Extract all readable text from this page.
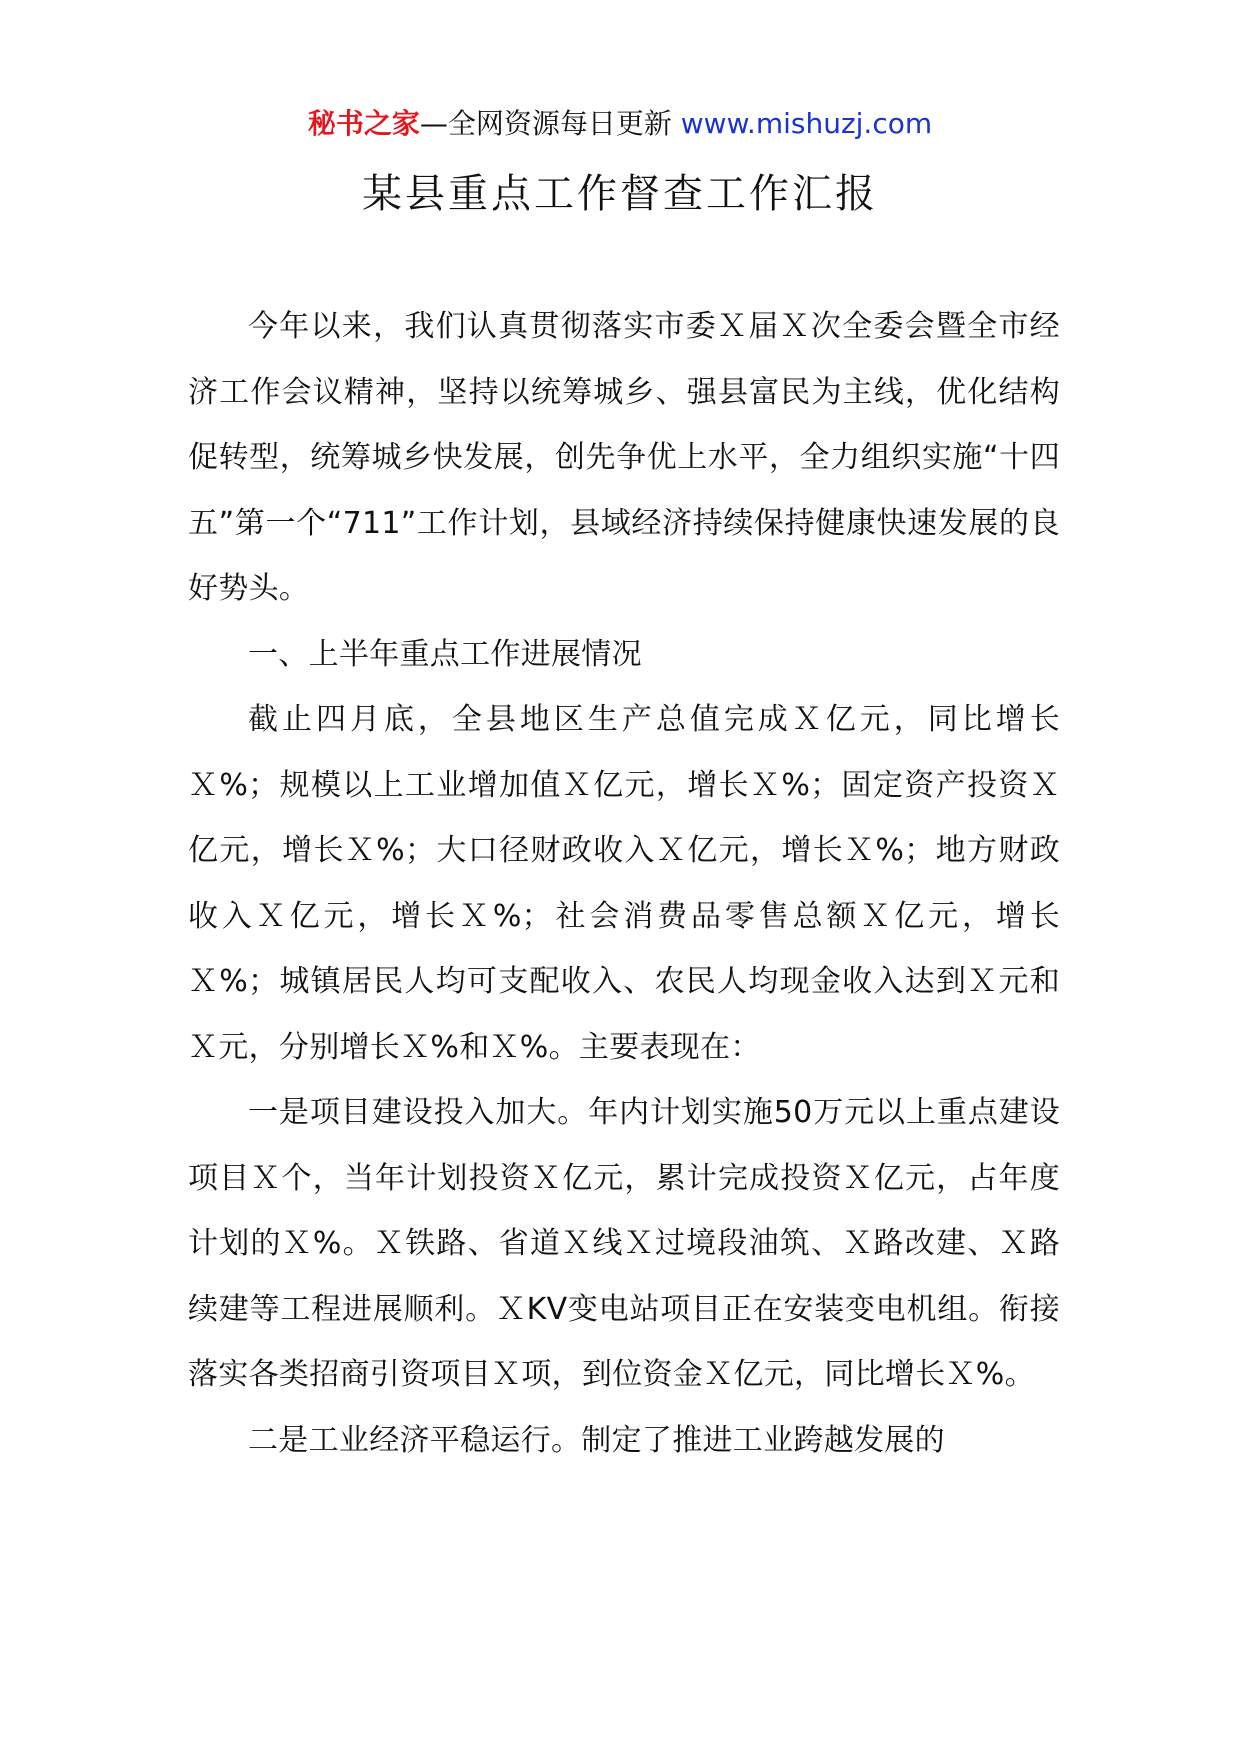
秘书之家—全网资源每日更新 www.mishuzj.com
某县重点工作督查工作汇报

今年以来，我们认真贯彻落实市委Ｘ届Ｘ次全委会暨全市经济工作会议精神，坚持以统筹城乡、强县富民为主线，优化结构促转型，统筹城乡快发展，创先争优上水平，全力组织实施“十四五”第一个“711”工作计划，县域经济持续保持健康快速发展的良好势头。

一、上半年重点工作进展情况

截止四月底，全县地区生产总值完成Ｘ亿元，同比增长Ｘ%；规模以上工业增加值Ｘ亿元，增长Ｘ%；固定资产投资Ｘ亿元，增长Ｘ%；大口径财政收入Ｘ亿元，增长Ｘ%；地方财政收入Ｘ亿元，增长Ｘ%；社会消费品零售总额Ｘ亿元，增长Ｘ%；城镇居民人均可支配收入、农民人均现金收入达到Ｘ元和Ｘ元，分别增长Ｘ%和Ｘ%。主要表现在：

一是项目建设投入加大。年内计划实施50万元以上重点建设项目Ｘ个，当年计划投资Ｘ亿元，累计完成投资Ｘ亿元，占年度计划的Ｘ%。Ｘ铁路、省道Ｘ线Ｘ过境段油筑、Ｘ路改建、Ｘ路续建等工程进展顺利。ＸKV变电站项目正在安装变电机组。衔接落实各类招商引资项目Ｘ项，到位资金Ｘ亿元，同比增长Ｘ%。

二是工业经济平稳运行。制定了推进工业跨越发展的
